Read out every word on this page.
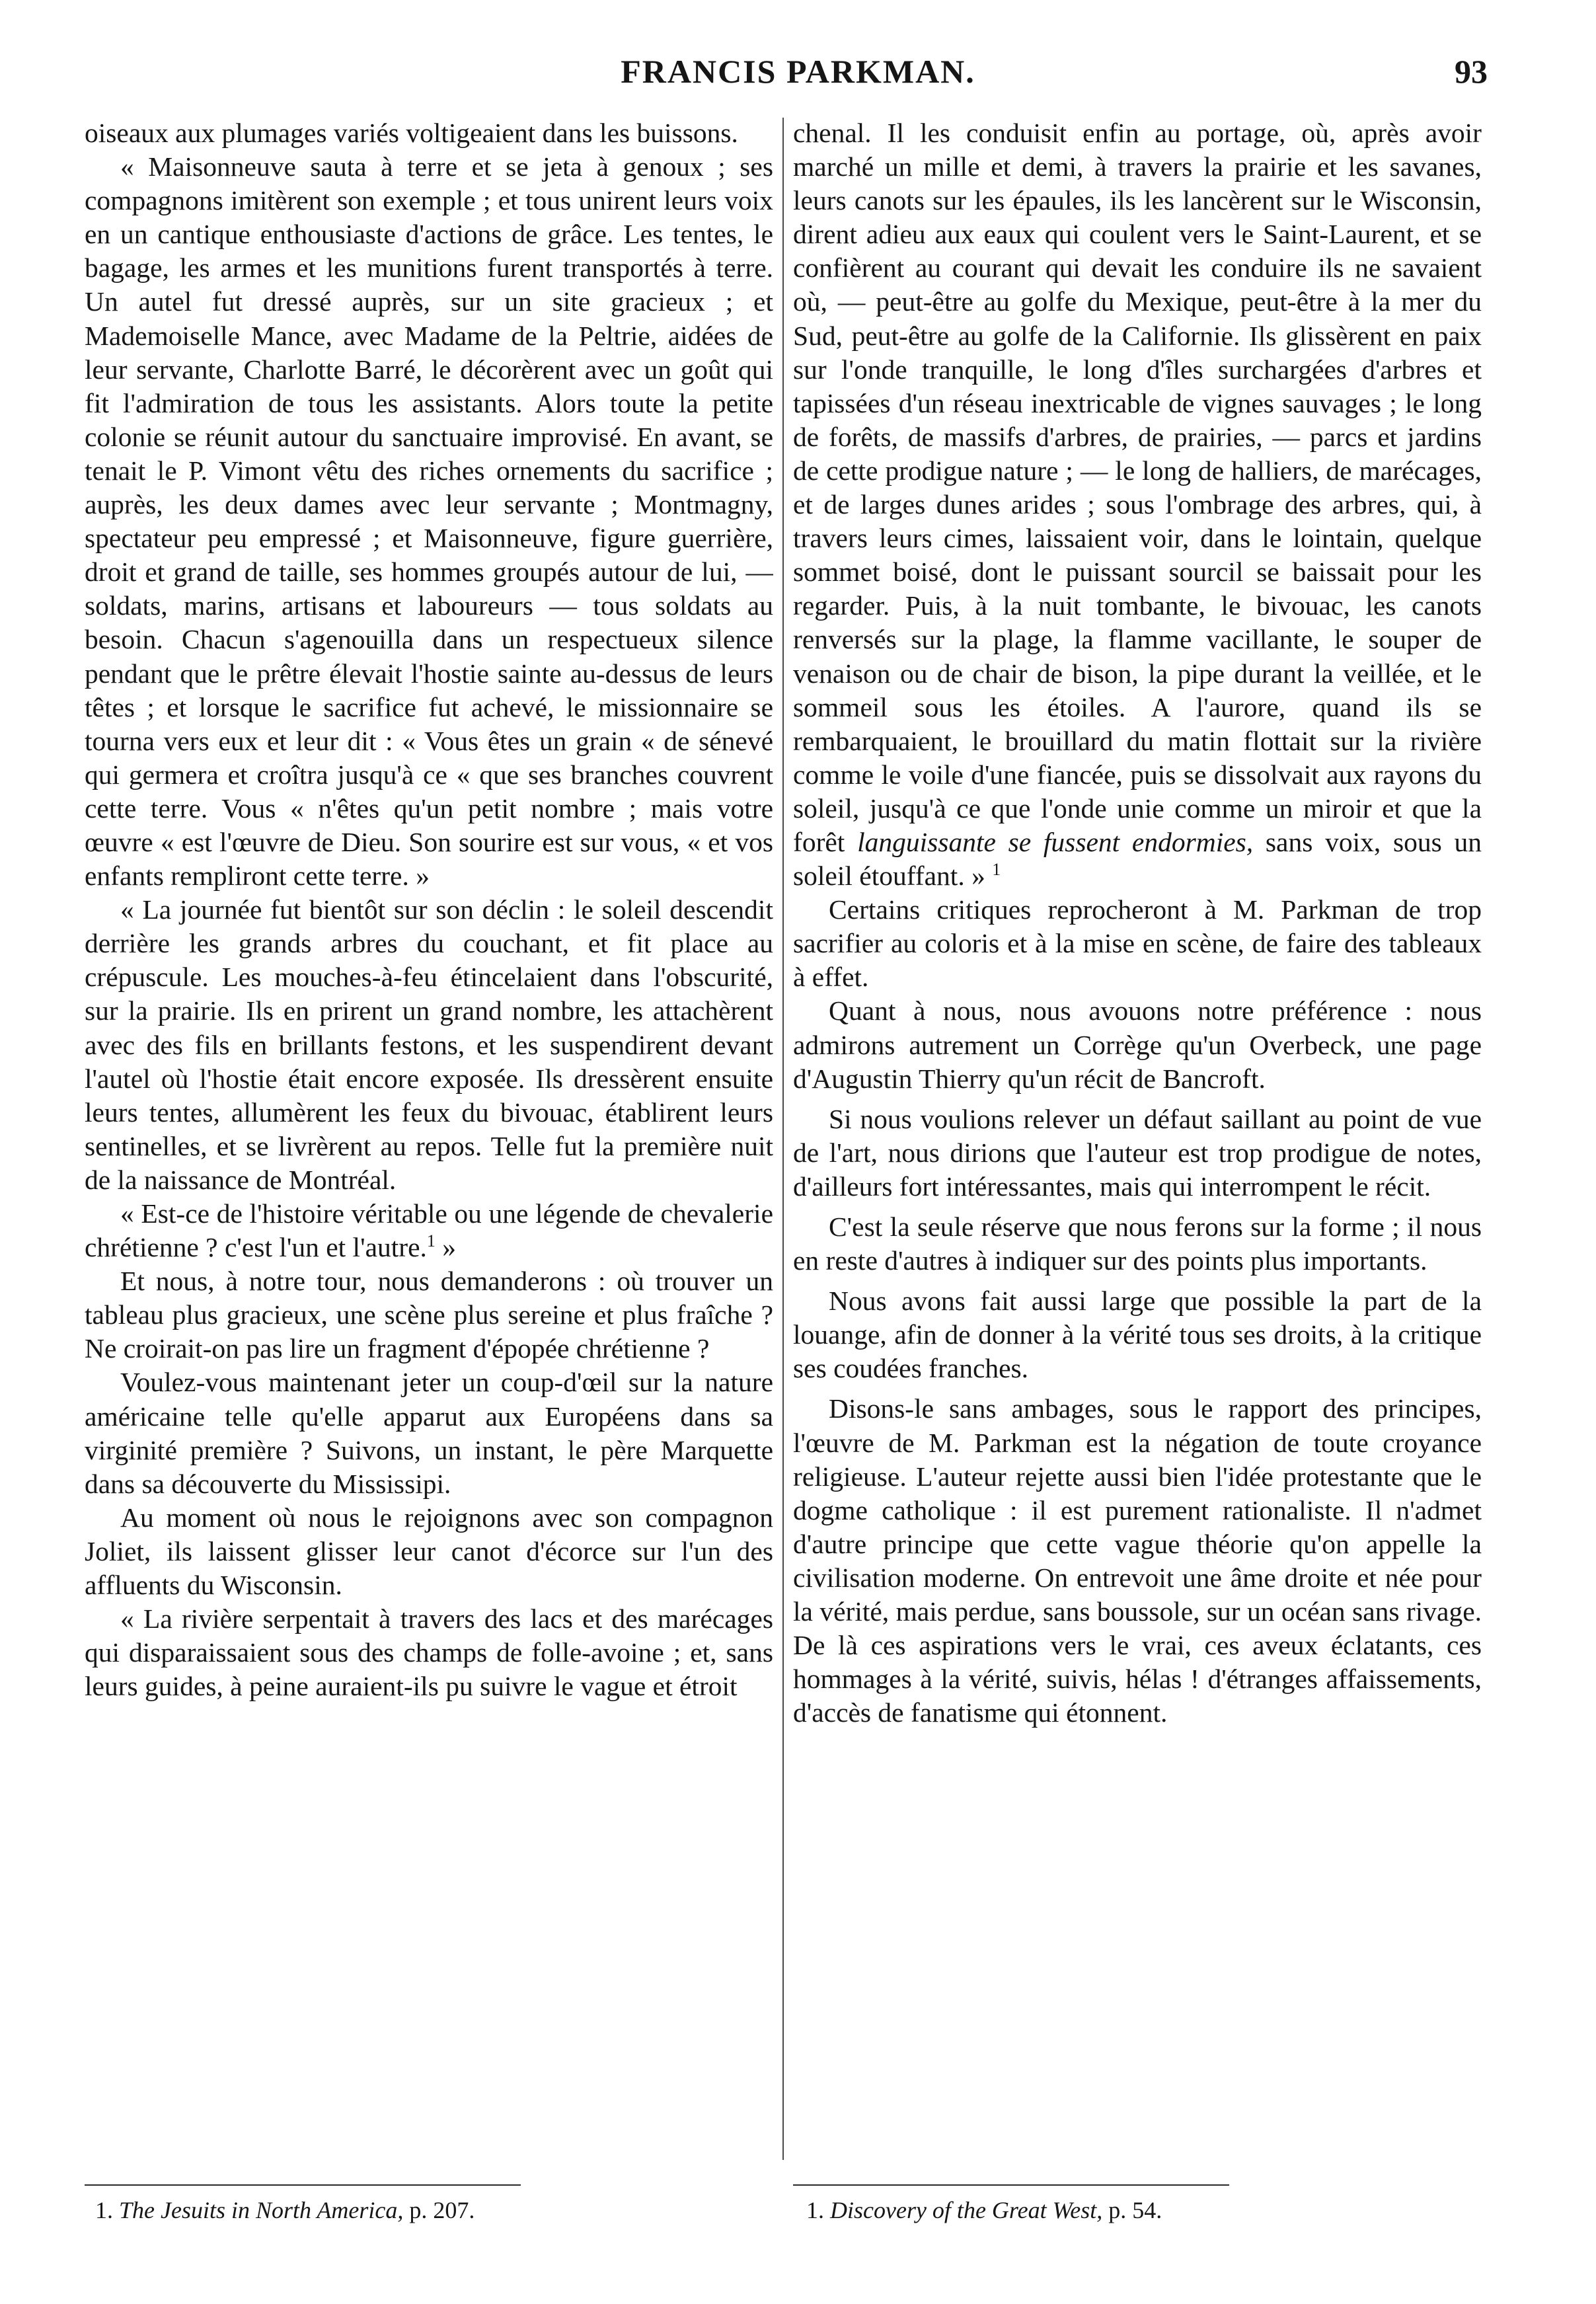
FRANCIS PARKMAN.	93

oiseaux aux plumages variés voltigeaient dans les buissons.

« Maisonneuve sauta à terre et se jeta à genoux ; ses compagnons imitèrent son exemple ; et tous unirent leurs voix en un cantique enthousiaste d'actions de grâce. Les tentes, le bagage, les armes et les munitions furent transportés à terre. Un autel fut dressé auprès, sur un site gracieux ; et Mademoiselle Mance, avec Madame de la Peltrie, aidées de leur servante, Charlotte Barré, le décorèrent avec un goût qui fit l'admiration de tous les assistants. Alors toute la petite colonie se réunit autour du sanctuaire improvisé. En avant, se tenait le P. Vimont vêtu des riches ornements du sacrifice ; auprès, les deux dames avec leur servante ; Montmagny, spectateur peu empressé ; et Maisonneuve, figure guerrière, droit et grand de taille, ses hommes groupés autour de lui, — soldats, marins, artisans et laboureurs — tous soldats au besoin. Chacun s'agenouilla dans un respectueux silence pendant que le prêtre élevait l'hostie sainte au-dessus de leurs têtes ; et lorsque le sacrifice fut achevé, le missionnaire se tourna vers eux et leur dit : « Vous êtes un grain « de sénevé qui germera et croîtra jusqu'à ce « que ses branches couvrent cette terre. Vous « n'êtes qu'un petit nombre ; mais votre œuvre « est l'œuvre de Dieu. Son sourire est sur vous, « et vos enfants rempliront cette terre. »

« La journée fut bientôt sur son déclin : le soleil descendit derrière les grands arbres du couchant, et fit place au crépuscule. Les mouches-à-feu étincelaient dans l'obscurité, sur la prairie. Ils en prirent un grand nombre, les attachèrent avec des fils en brillants festons, et les suspendirent devant l'autel où l'hostie était encore exposée. Ils dressèrent ensuite leurs tentes, allumèrent les feux du bivouac, établirent leurs sentinelles, et se livrèrent au repos. Telle fut la première nuit de la naissance de Montréal.

« Est-ce de l'histoire véritable ou une légende de chevalerie chrétienne ? c'est l'un et l'autre.$^1$ »

Et nous, à notre tour, nous demanderons : où trouver un tableau plus gracieux, une scène plus sereine et plus fraîche ? Ne croirait-on pas lire un fragment d'épopée chrétienne ?

Voulez-vous maintenant jeter un coup-d'œil sur la nature américaine telle qu'elle apparut aux Européens dans sa virginité première ? Suivons, un instant, le père Marquette dans sa découverte du Mississipi.

Au moment où nous le rejoignons avec son compagnon Joliet, ils laissent glisser leur canot d'écorce sur l'un des affluents du Wisconsin.

« La rivière serpentait à travers des lacs et des marécages qui disparaissaient sous des champs de folle-avoine ; et, sans leurs guides, à peine auraient-ils pu suivre le vague et étroit

chenal. Il les conduisit enfin au portage, où, après avoir marché un mille et demi, à travers la prairie et les savanes, leurs canots sur les épaules, ils les lancèrent sur le Wisconsin, dirent adieu aux eaux qui coulent vers le Saint-Laurent, et se confièrent au courant qui devait les conduire ils ne savaient où, — peut-être au golfe du Mexique, peut-être à la mer du Sud, peut-être au golfe de la Californie. Ils glissèrent en paix sur l'onde tranquille, le long d'îles surchargées d'arbres et tapissées d'un réseau inextricable de vignes sauvages ; le long de forêts, de massifs d'arbres, de prairies, — parcs et jardins de cette prodigue nature ; — le long de halliers, de marécages, et de larges dunes arides ; sous l'ombrage des arbres, qui, à travers leurs cimes, laissaient voir, dans le lointain, quelque sommet boisé, dont le puissant sourcil se baissait pour les regarder. Puis, à la nuit tombante, le bivouac, les canots renversés sur la plage, la flamme vacillante, le souper de venaison ou de chair de bison, la pipe durant la veillée, et le sommeil sous les étoiles. A l'aurore, quand ils se rembarquaient, le brouillard du matin flottait sur la rivière comme le voile d'une fiancée, puis se dissolvait aux rayons du soleil, jusqu'à ce que l'onde unie comme un miroir et que la forêt languissante se fussent endormies, sans voix, sous un soleil étouffant. » $^1$

Certains critiques reprocheront à M. Parkman de trop sacrifier au coloris et à la mise en scène, de faire des tableaux à effet.

Quant à nous, nous avouons notre préférence : nous admirons autrement un Corrège qu'un Overbeck, une page d'Augustin Thierry qu'un récit de Bancroft.

Si nous voulions relever un défaut saillant au point de vue de l'art, nous dirions que l'auteur est trop prodigue de notes, d'ailleurs fort intéressantes, mais qui interrompent le récit.

C'est la seule réserve que nous ferons sur la forme ; il nous en reste d'autres à indiquer sur des points plus importants.

Nous avons fait aussi large que possible la part de la louange, afin de donner à la vérité tous ses droits, à la critique ses coudées franches.

Disons-le sans ambages, sous le rapport des principes, l'œuvre de M. Parkman est la négation de toute croyance religieuse. L'auteur rejette aussi bien l'idée protestante que le dogme catholique : il est purement rationaliste. Il n'admet d'autre principe que cette vague théorie qu'on appelle la civilisation moderne. On entrevoit une âme droite et née pour la vérité, mais perdue, sans boussole, sur un océan sans rivage. De là ces aspirations vers le vrai, ces aveux éclatants, ces hommages à la vérité, suivis, hélas ! d'étranges affaissements, d'accès de fanatisme qui étonnent.

1. The Jesuits in North America, p. 207.	1. Discovery of the Great West, p. 54.
